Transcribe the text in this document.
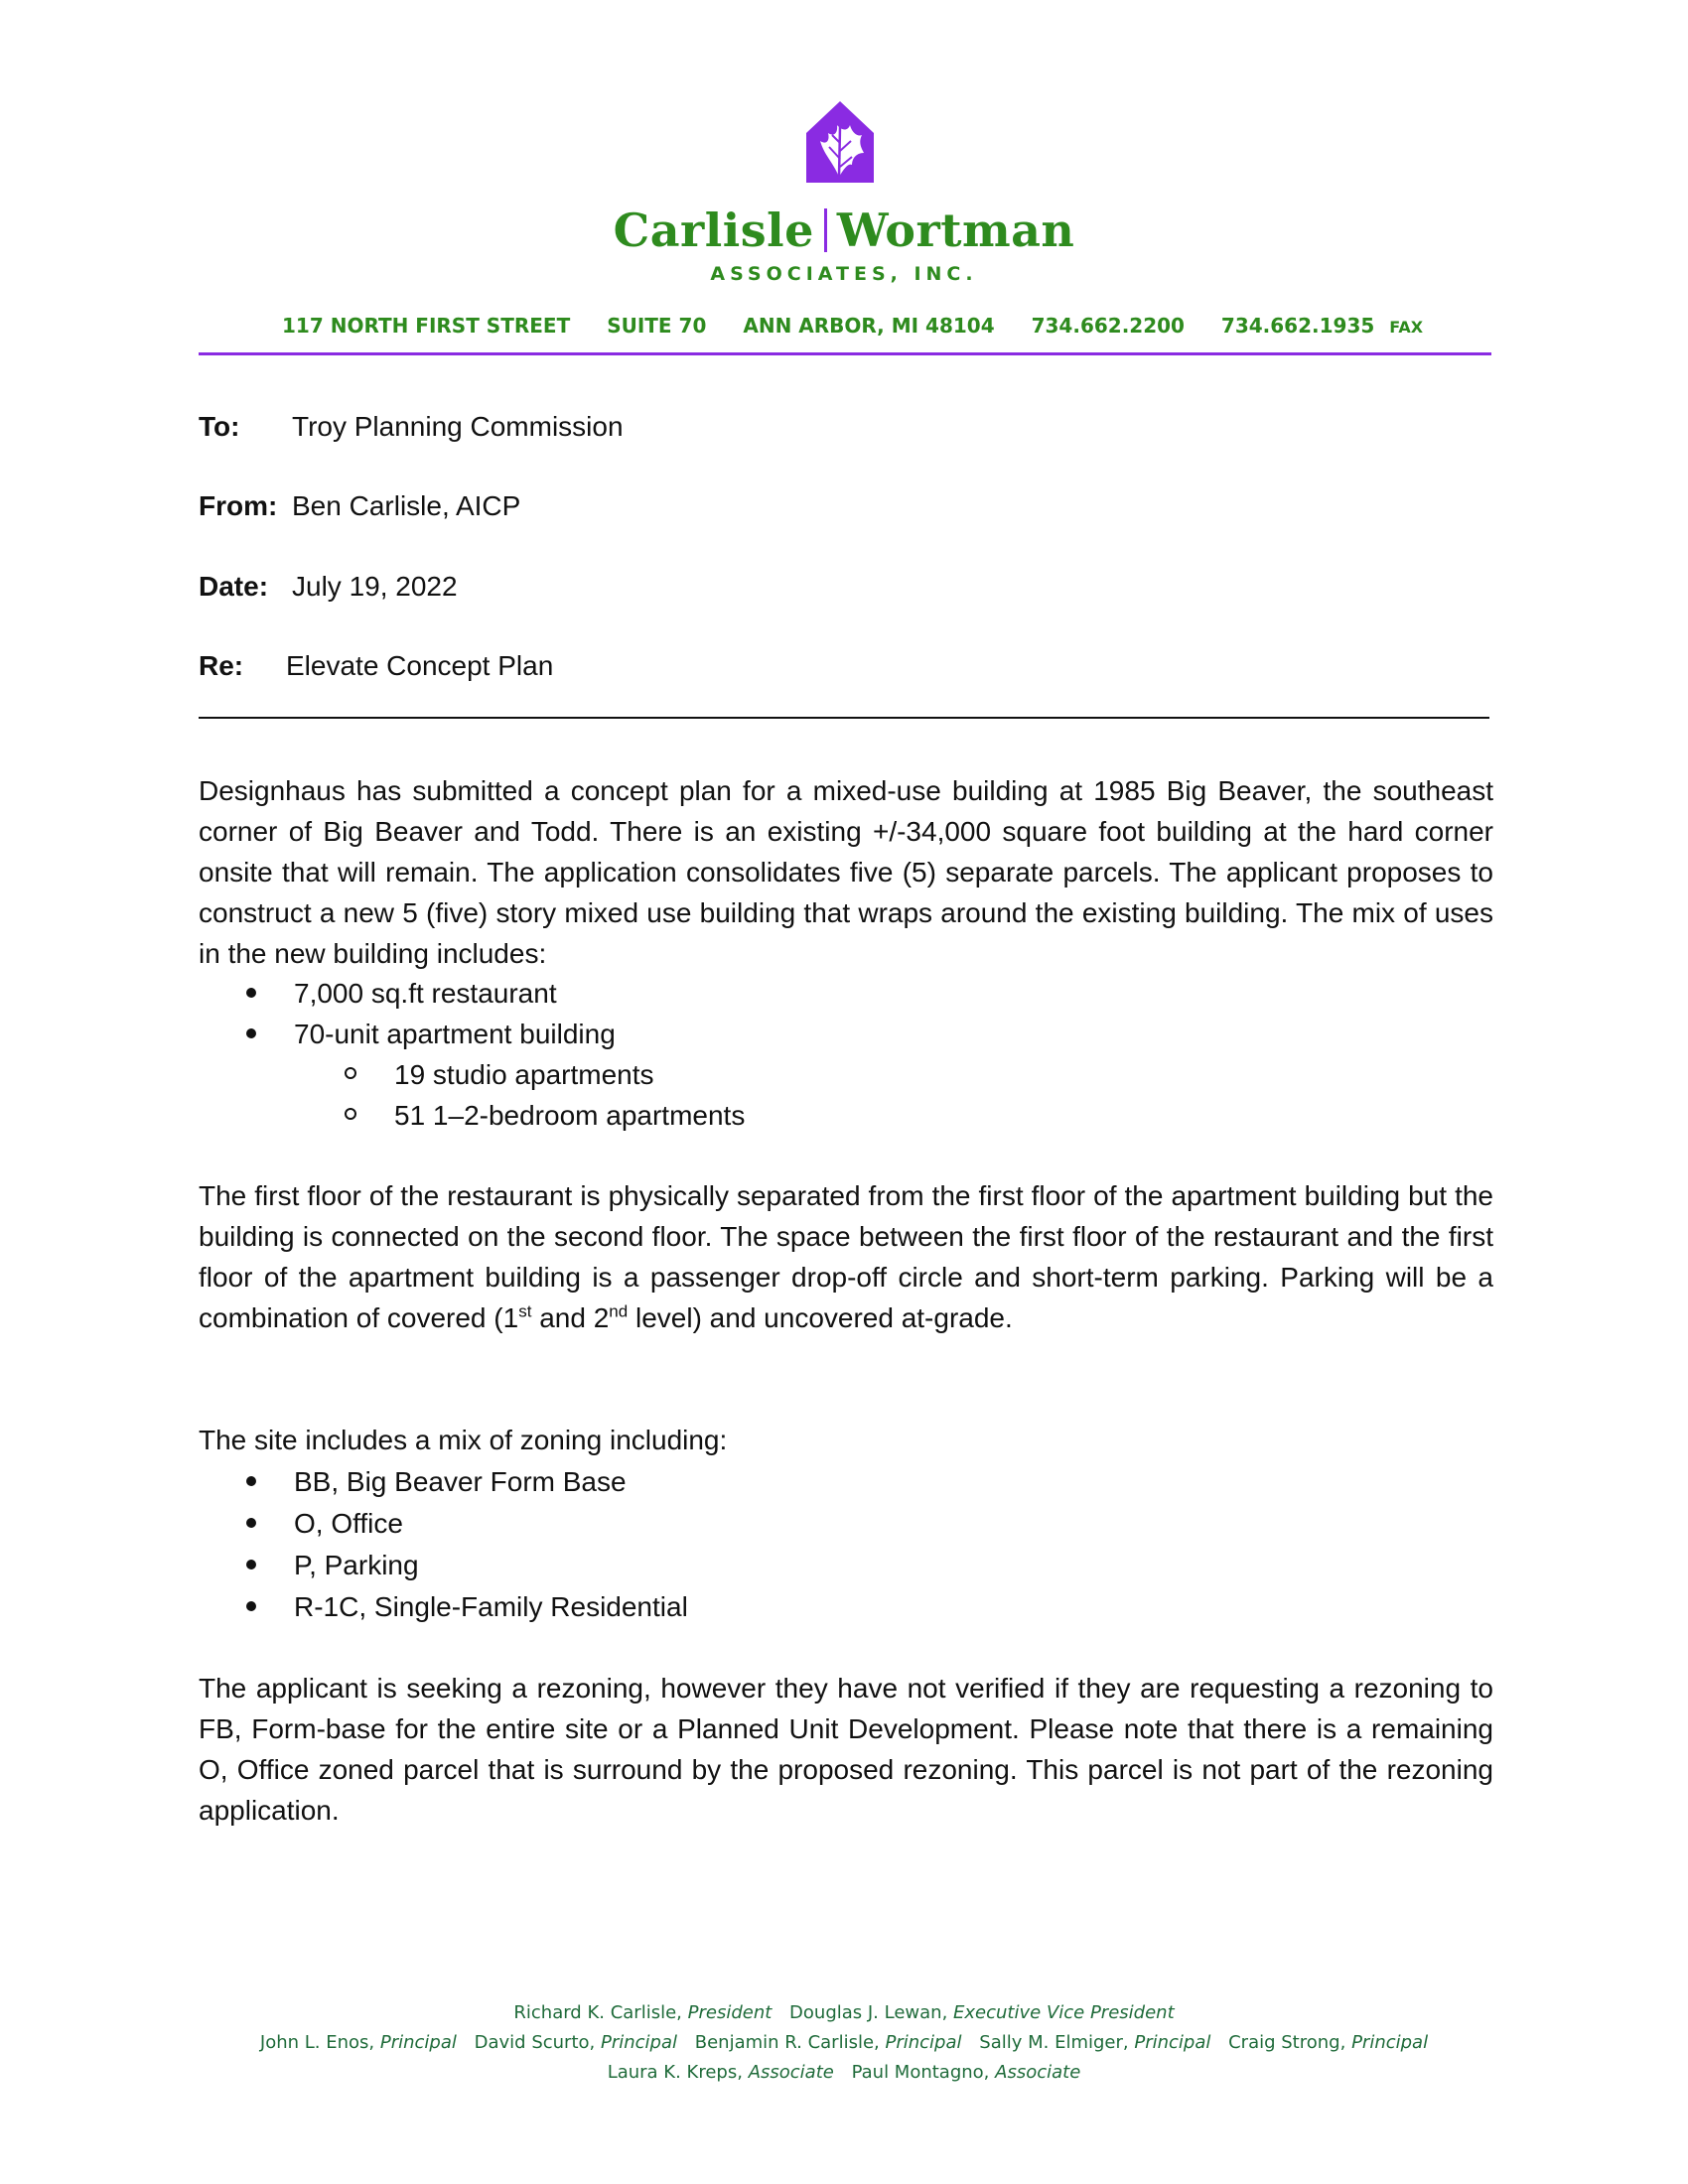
Carlisle Wortman
ASSOCIATES, INC.
117 NORTH FIRST STREET SUITE 70 ANN ARBOR, MI 48104 734.662.2200 734.662.1935 FAX
To: Troy Planning Commission
From: Ben Carlisle, AICP
Date: July 19, 2022
Re: Elevate Concept Plan
Designhaus has submitted a concept plan for a mixed-use building at 1985 Big Beaver, the southeast corner of Big Beaver and Todd. There is an existing +/-34,000 square foot building at the hard corner onsite that will remain. The application consolidates five (5) separate parcels. The applicant proposes to construct a new 5 (five) story mixed use building that wraps around the existing building. The mix of uses in the new building includes:
7,000 sq.ft restaurant
70-unit apartment building
19 studio apartments
51 1–2-bedroom apartments
The first floor of the restaurant is physically separated from the first floor of the apartment building but the building is connected on the second floor. The space between the first floor of the restaurant and the first floor of the apartment building is a passenger drop-off circle and short-term parking. Parking will be a combination of covered (1st and 2nd level) and uncovered at-grade.
The site includes a mix of zoning including:
BB, Big Beaver Form Base
O, Office
P, Parking
R-1C, Single-Family Residential
The applicant is seeking a rezoning, however they have not verified if they are requesting a rezoning to FB, Form-base for the entire site or a Planned Unit Development. Please note that there is a remaining O, Office zoned parcel that is surround by the proposed rezoning. This parcel is not part of the rezoning application.
Richard K. Carlisle, President Douglas J. Lewan, Executive Vice President
John L. Enos, Principal David Scurto, Principal Benjamin R. Carlisle, Principal Sally M. Elmiger, Principal Craig Strong, Principal
Laura K. Kreps, Associate Paul Montagno, Associate
